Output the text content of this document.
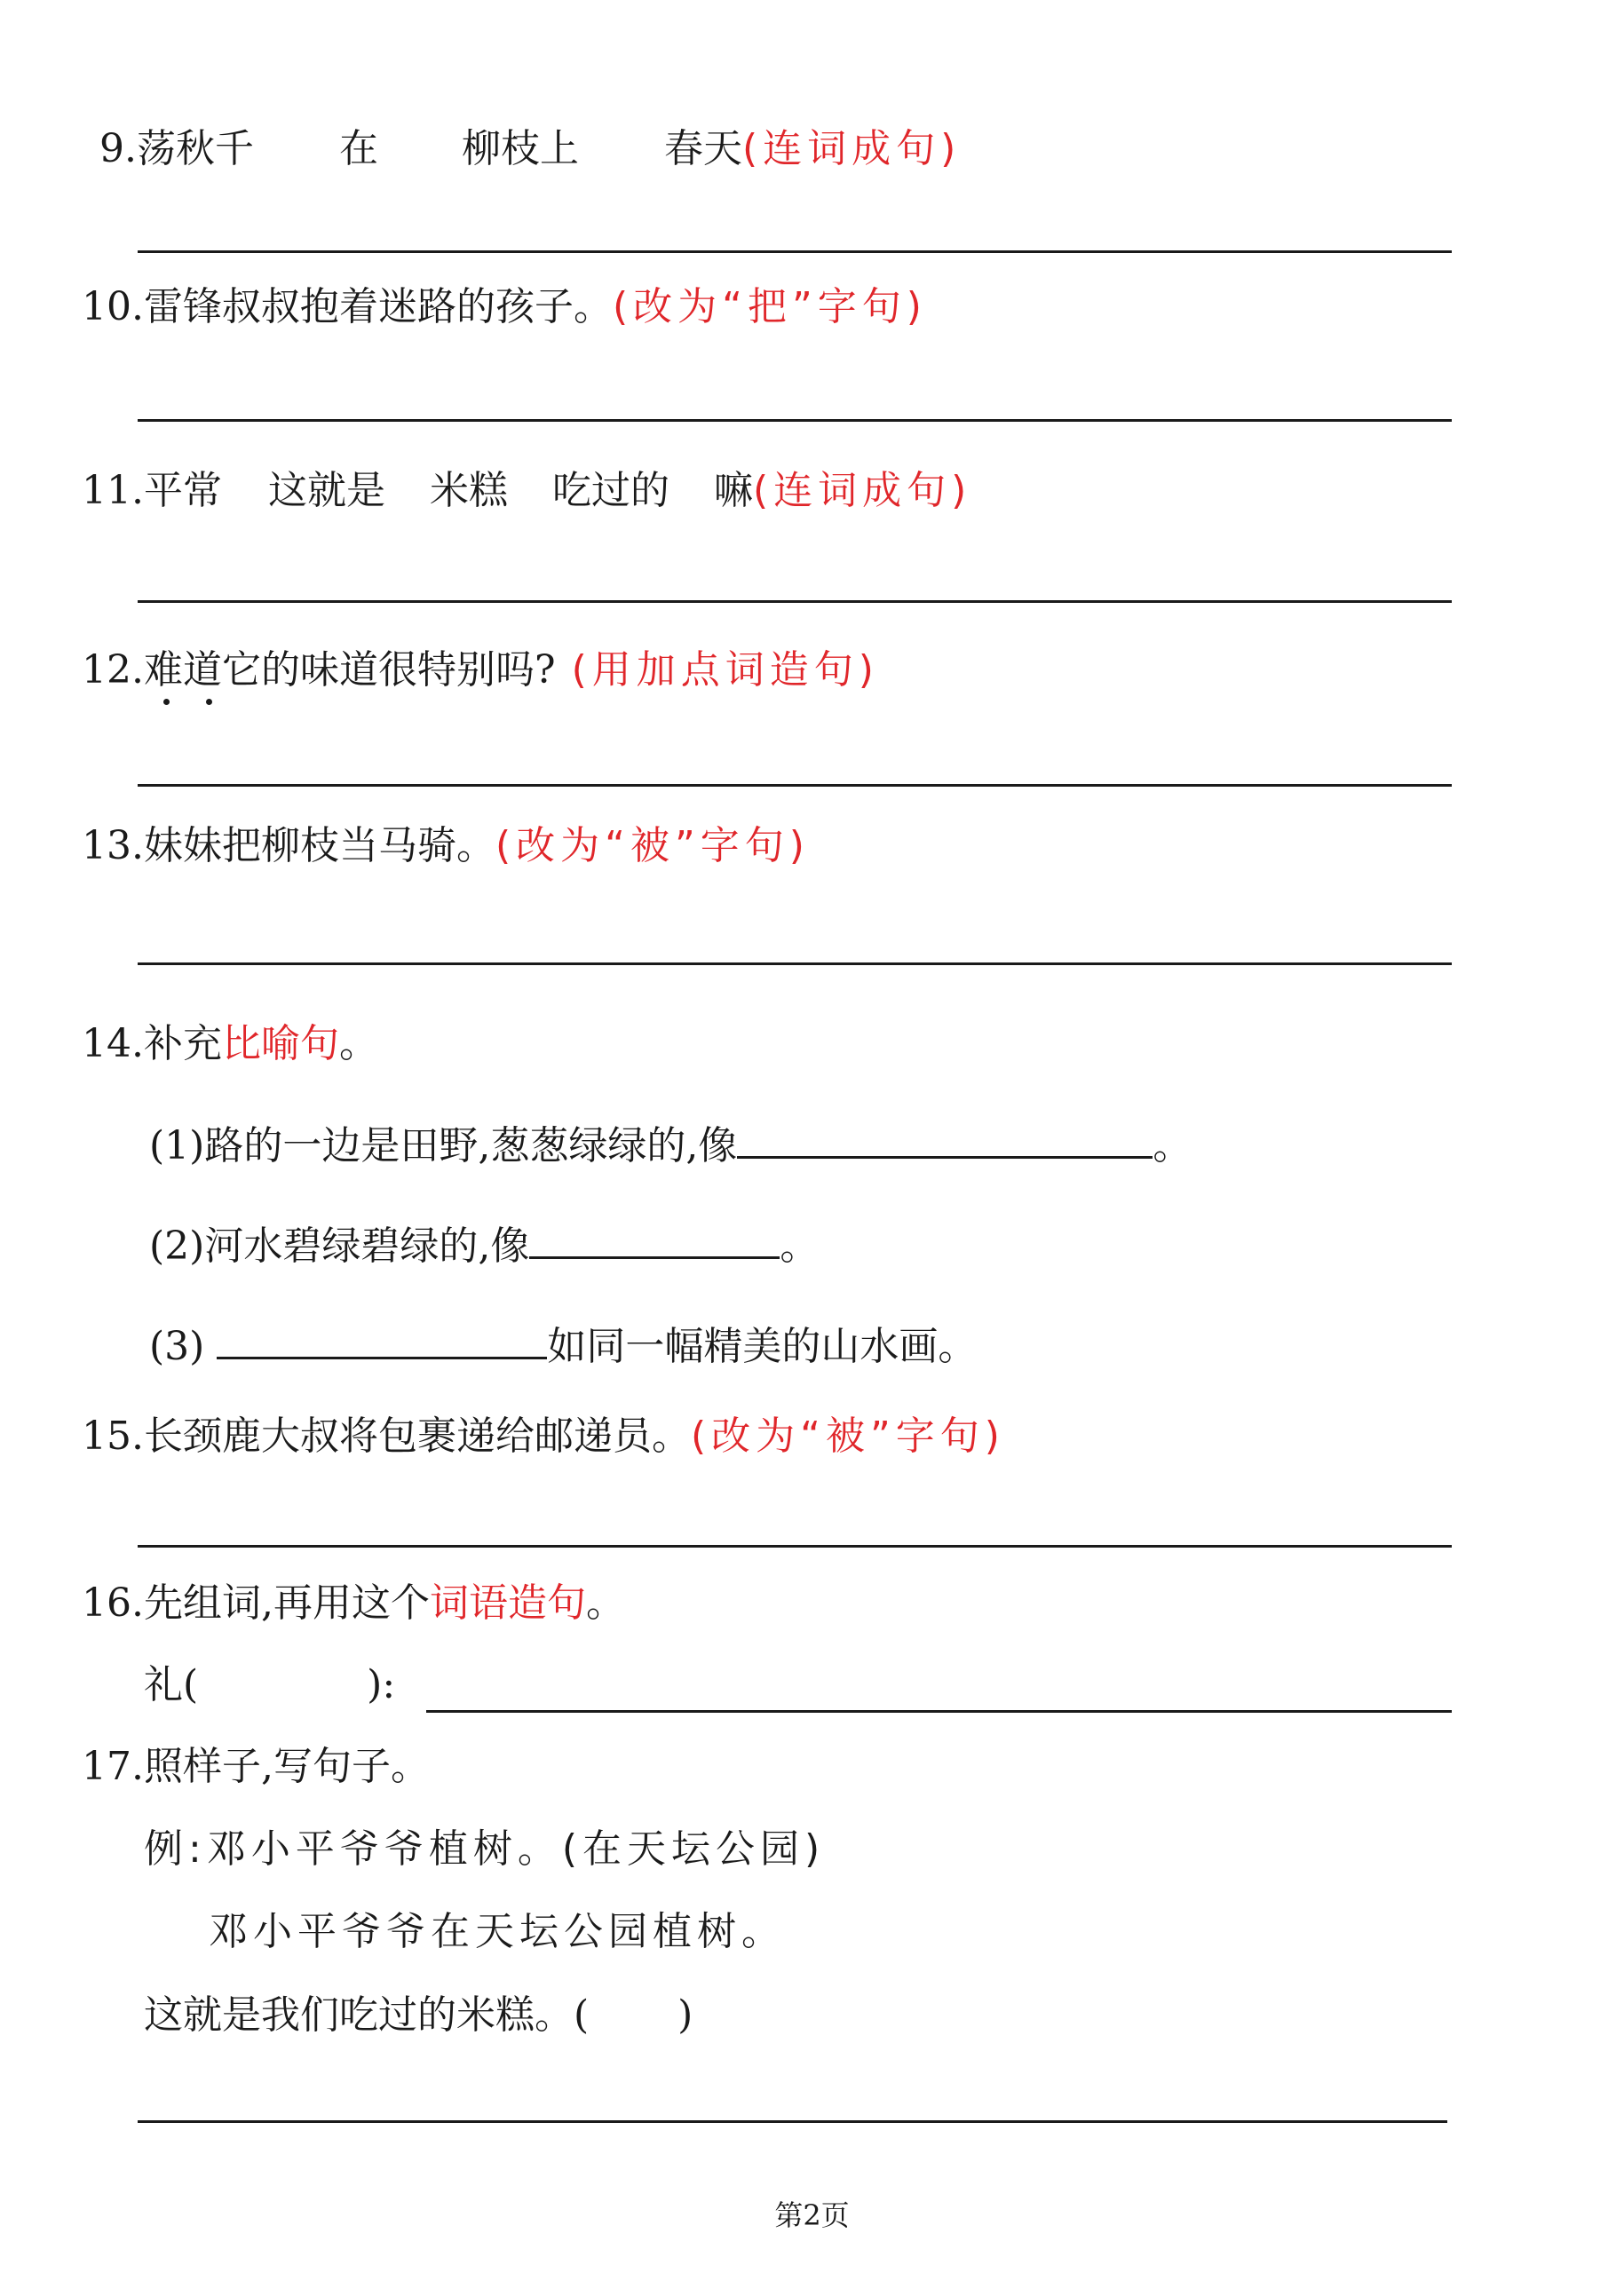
9.荡秋千 在 柳枝上 春天(连词成句)
10.雷锋叔叔抱着迷路的孩子。(改为“把”字句)
11.平常 这就是 米糕 吃过的 嘛(连词成句)
12.难道它的味道很特别吗? (用加点词造句)
13.妹妹把柳枝当马骑。(改为“被”字句)
14.补充比喻句。
(1)路的一边是田野,葱葱绿绿的,像	。
(2)河水碧绿碧绿的,像	。
(3)	如同一幅精美的山水画。
15.长颈鹿大叔将包裹递给邮递员。(改为“被”字句)
16.先组词,再用这个词语造句。
礼(	):
17.照样子,写句子。
例:邓小平爷爷植树。(在天坛公园)
邓小平爷爷在天坛公园植树。
这就是我们吃过的米糕。( )
第2页
